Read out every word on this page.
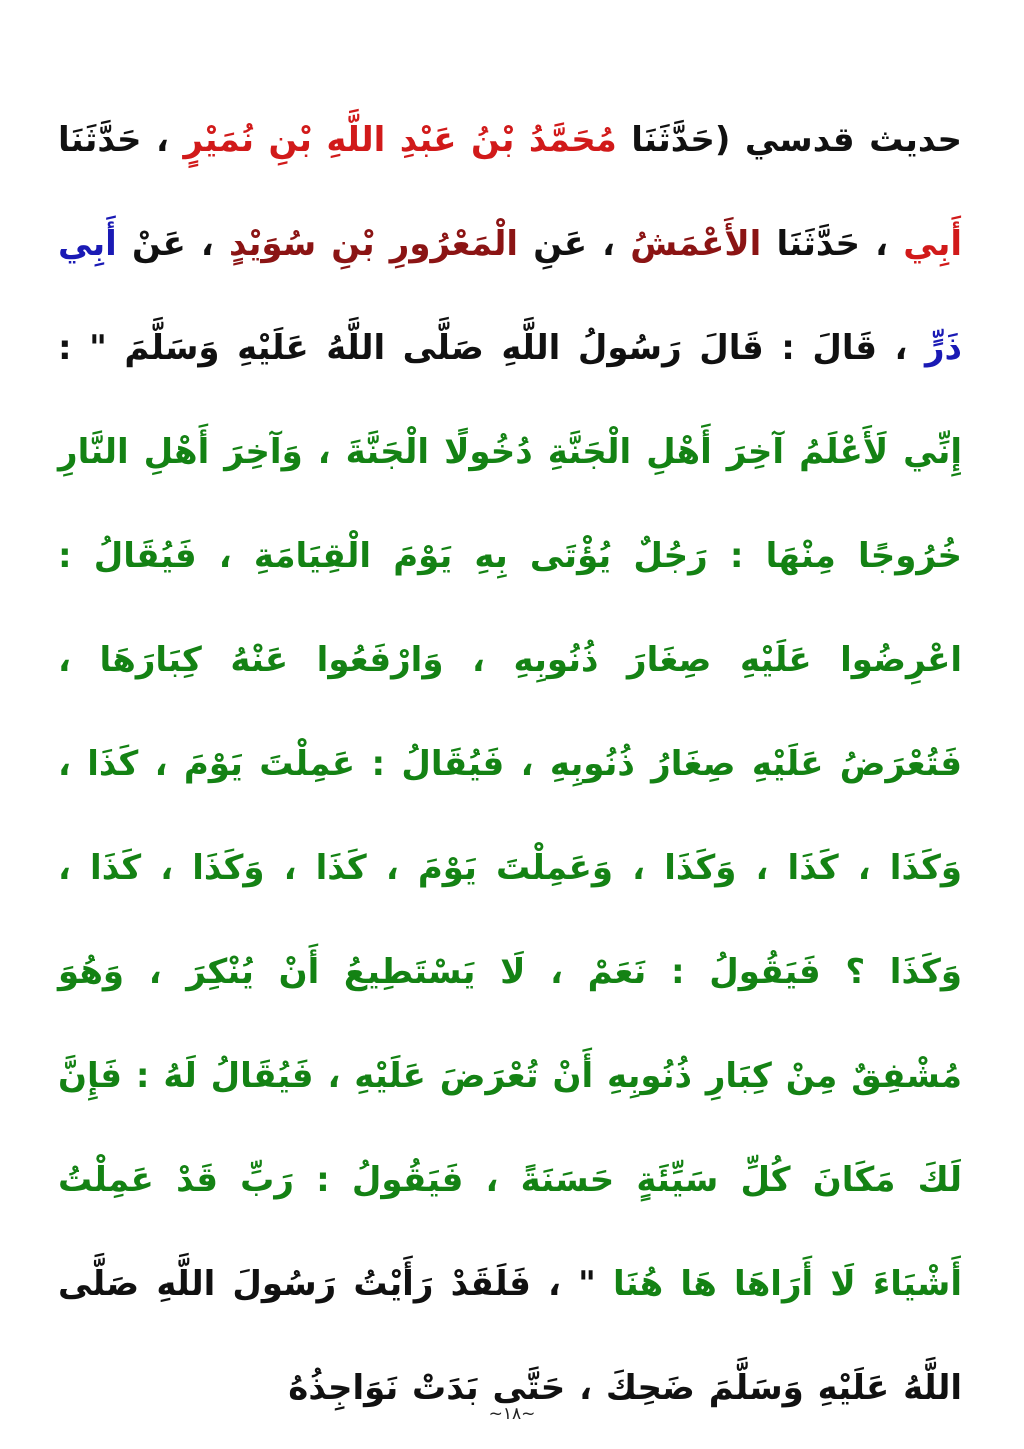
حديث قدسي (حَدَّثَنَا مُحَمَّدُ بْنُ عَبْدِ اللَّهِ بْنِ نُمَيْرٍ ، حَدَّثَنَا أَبِي ، حَدَّثَنَا الأَعْمَشُ ، عَنِ الْمَعْرُورِ بْنِ سُوَيْدٍ ، عَنْ أَبِي ذَرٍّ ، قَالَ : قَالَ رَسُولُ اللَّهِ صَلَّى اللَّهُ عَلَيْهِ وَسَلَّمَ " : إِنِّي لَأَعْلَمُ آخِرَ أَهْلِ الْجَنَّةِ دُخُولًا الْجَنَّةَ ، وَآخِرَ أَهْلِ النَّارِ خُرُوجًا مِنْهَا : رَجُلٌ يُؤْتَى بِهِ يَوْمَ الْقِيَامَةِ ، فَيُقَالُ : اعْرِضُوا عَلَيْهِ صِغَارَ ذُنُوبِهِ ، وَارْفَعُوا عَنْهُ كِبَارَهَا ، فَتُعْرَضُ عَلَيْهِ صِغَارُ ذُنُوبِهِ ، فَيُقَالُ : عَمِلْتَ يَوْمَ ، كَذَا ، وَكَذَا ، كَذَا ، وَكَذَا ، وَعَمِلْتَ يَوْمَ ، كَذَا ، وَكَذَا ، كَذَا ، وَكَذَا ؟ فَيَقُولُ : نَعَمْ ، لَا يَسْتَطِيعُ أَنْ يُنْكِرَ ، وَهُوَ مُشْفِقٌ مِنْ كِبَارِ ذُنُوبِهِ أَنْ تُعْرَضَ عَلَيْهِ ، فَيُقَالُ لَهُ : فَإِنَّ لَكَ مَكَانَ كُلِّ سَيِّئَةٍ حَسَنَةً ، فَيَقُولُ : رَبِّ قَدْ عَمِلْتُ أَشْيَاءَ لَا أَرَاهَا هَا هُنَا " ، فَلَقَدْ رَأَيْتُ رَسُولَ اللَّهِ صَلَّى اللَّهُ عَلَيْهِ وَسَلَّمَ ضَحِكَ ، حَتَّى بَدَتْ نَوَاجِذُهُ
~١٨~
